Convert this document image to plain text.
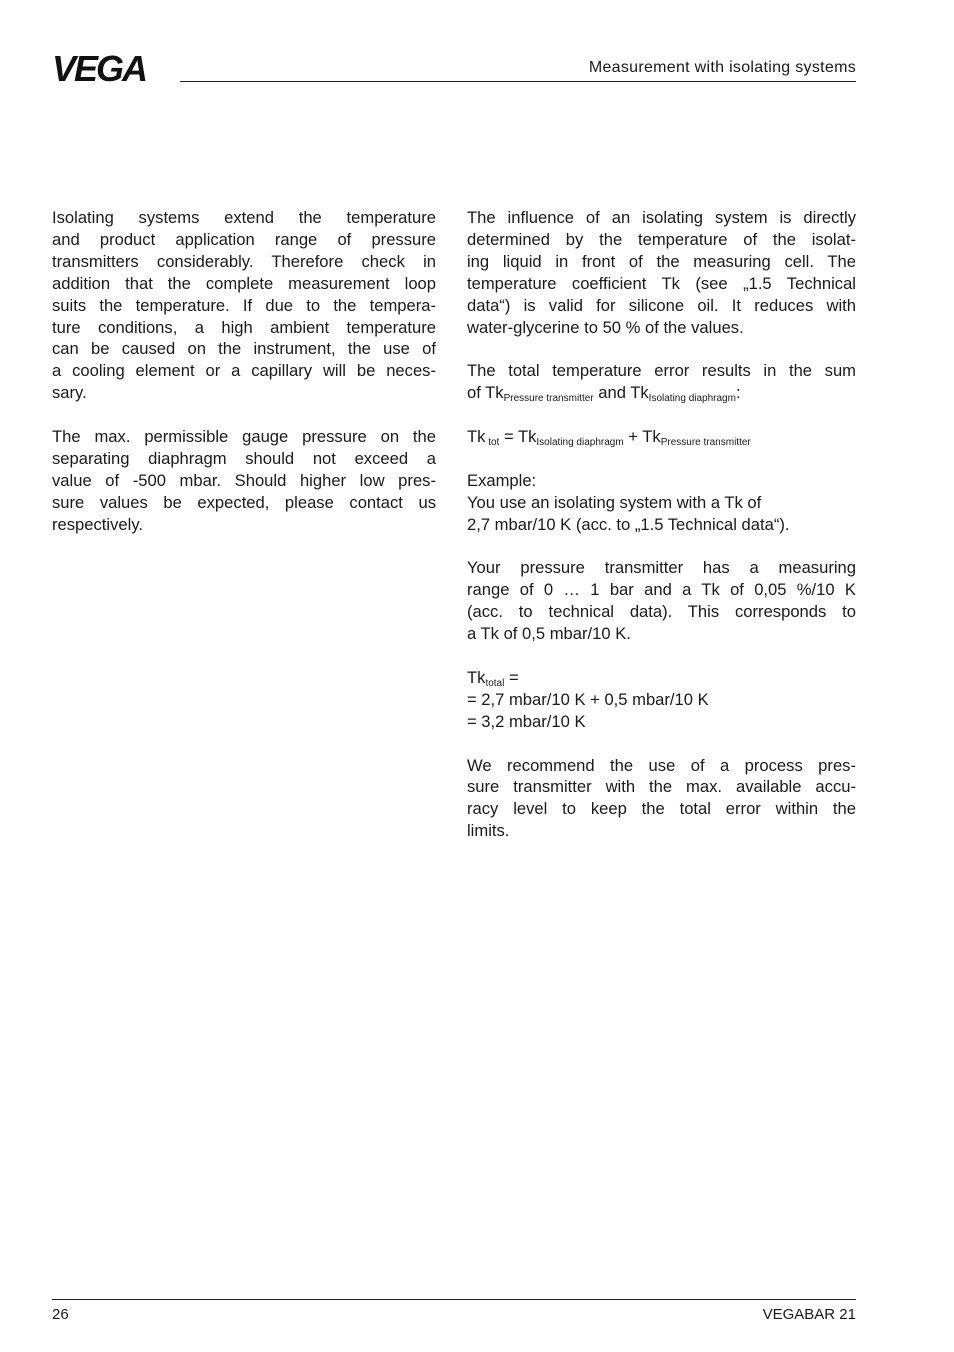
VEGA	Measurement with isolating systems

Isolating systems extend the temperature
and product application range of pressure
transmitters considerably. Therefore check in
addition that the complete measurement loop
suits the temperature. If due to the tempera-
ture conditions, a high ambient temperature
can be caused on the instrument, the use of
a cooling element or a capillary will be neces-
sary.

The max. permissible gauge pressure on the
separating diaphragm should not exceed a
value of -500 mbar. Should higher low pres-
sure values be expected, please contact us
respectively.

The influence of an isolating system is directly
determined by the temperature of the isolat-
ing liquid in front of the measuring cell. The
temperature coefficient Tk (see „1.5 Technical
data“) is valid for silicone oil. It reduces with
water-glycerine to 50 % of the values.

The total temperature error results in the sum
of $Tk_{Pressure transmitter}$ and $Tk_{Isolating diaphragm}$:

Tk $_{tot} = Tk_{Isolating diaphragm} + Tk_{Pressure transmitter}$

Example:
You use an isolating system with a Tk of
2,7 mbar/10 K (acc. to „1.5 Technical data“).

Your pressure transmitter has a measuring
range of 0 … 1 bar and a Tk of 0,05 %/10 K
(acc. to technical data). This corresponds to
a Tk of 0,5 mbar/10 K.

$Tk_{total}$ =
= 2,7 mbar/10 K + 0,5 mbar/10 K
= 3,2 mbar/10 K

We recommend the use of a process pres-
sure transmitter with the max. available accu-
racy level to keep the total error within the
limits.

26	VEGABAR 21
